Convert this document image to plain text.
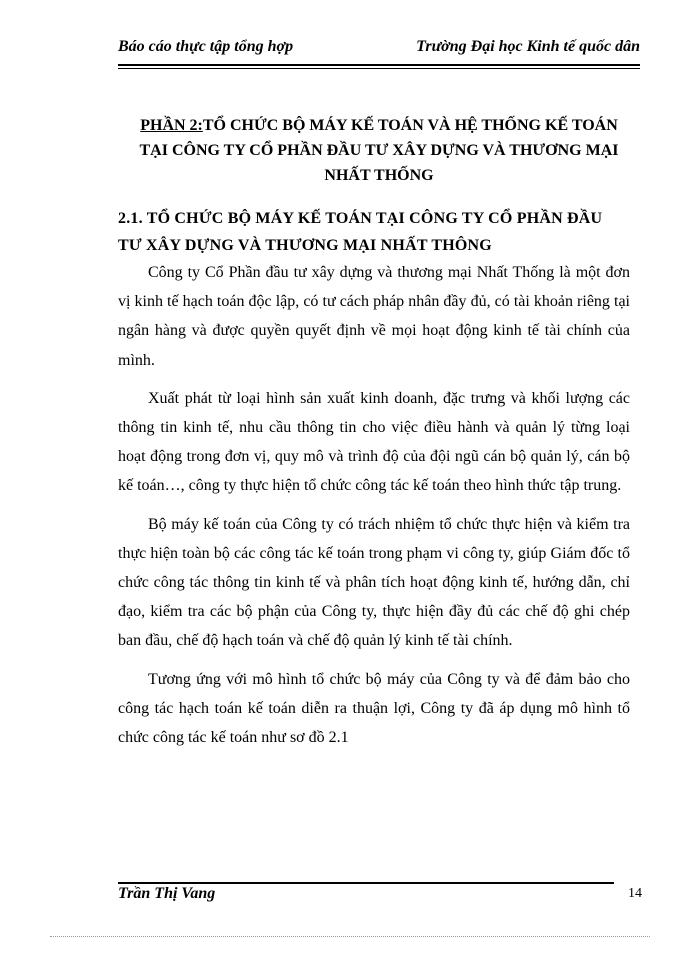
Báo cáo thực tập tổng hợp	Trường Đại học Kinh tế quốc dân
PHẦN 2:TỔ CHỨC BỘ MÁY KẾ TOÁN VÀ HỆ THỐNG KẾ TOÁN
TẠI CÔNG TY CỔ PHẦN ĐẦU TƯ XÂY DỰNG VÀ THƯƠNG MẠI
NHẤT THỐNG
2.1. TỔ CHỨC BỘ MÁY KẾ TOÁN TẠI CÔNG TY CỔ PHẦN ĐẦU
TƯ XÂY DỰNG VÀ THƯƠNG MẠI NHẤT THÔNG

Công ty Cổ Phần đầu tư xây dựng và thương mại Nhất Thống là một đơn vị kinh tế hạch toán độc lập, có tư cách pháp nhân đầy đủ, có tài khoản riêng tại ngân hàng và được quyền quyết định về mọi hoạt động kinh tế tài chính của mình.

Xuất phát từ loại hình sản xuất kinh doanh, đặc trưng và khối lượng các thông tin kinh tế, nhu cầu thông tin cho việc điều hành và quản lý từng loại hoạt động trong đơn vị, quy mô và trình độ của đội ngũ cán bộ quản lý, cán bộ kế toán…, công ty thực hiện tổ chức công tác kế toán theo hình thức tập trung.

Bộ máy kế toán của Công ty có trách nhiệm tổ chức thực hiện và kiểm tra thực hiện toàn bộ các công tác kế toán trong phạm vi công ty, giúp Giám đốc tổ chức công tác thông tin kinh tế và phân tích hoạt động kinh tế, hướng dẫn, chỉ đạo, kiểm tra các bộ phận của Công ty, thực hiện đầy đủ các chế độ ghi chép ban đầu, chế độ hạch toán và chế độ quản lý kinh tế tài chính.

Tương ứng với mô hình tổ chức bộ máy của Công ty và để đảm bảo cho công tác hạch toán kế toán diễn ra thuận lợi, Công ty đã áp dụng mô hình tổ chức công tác kế toán như sơ đồ 2.1

Trần Thị Vang	14
